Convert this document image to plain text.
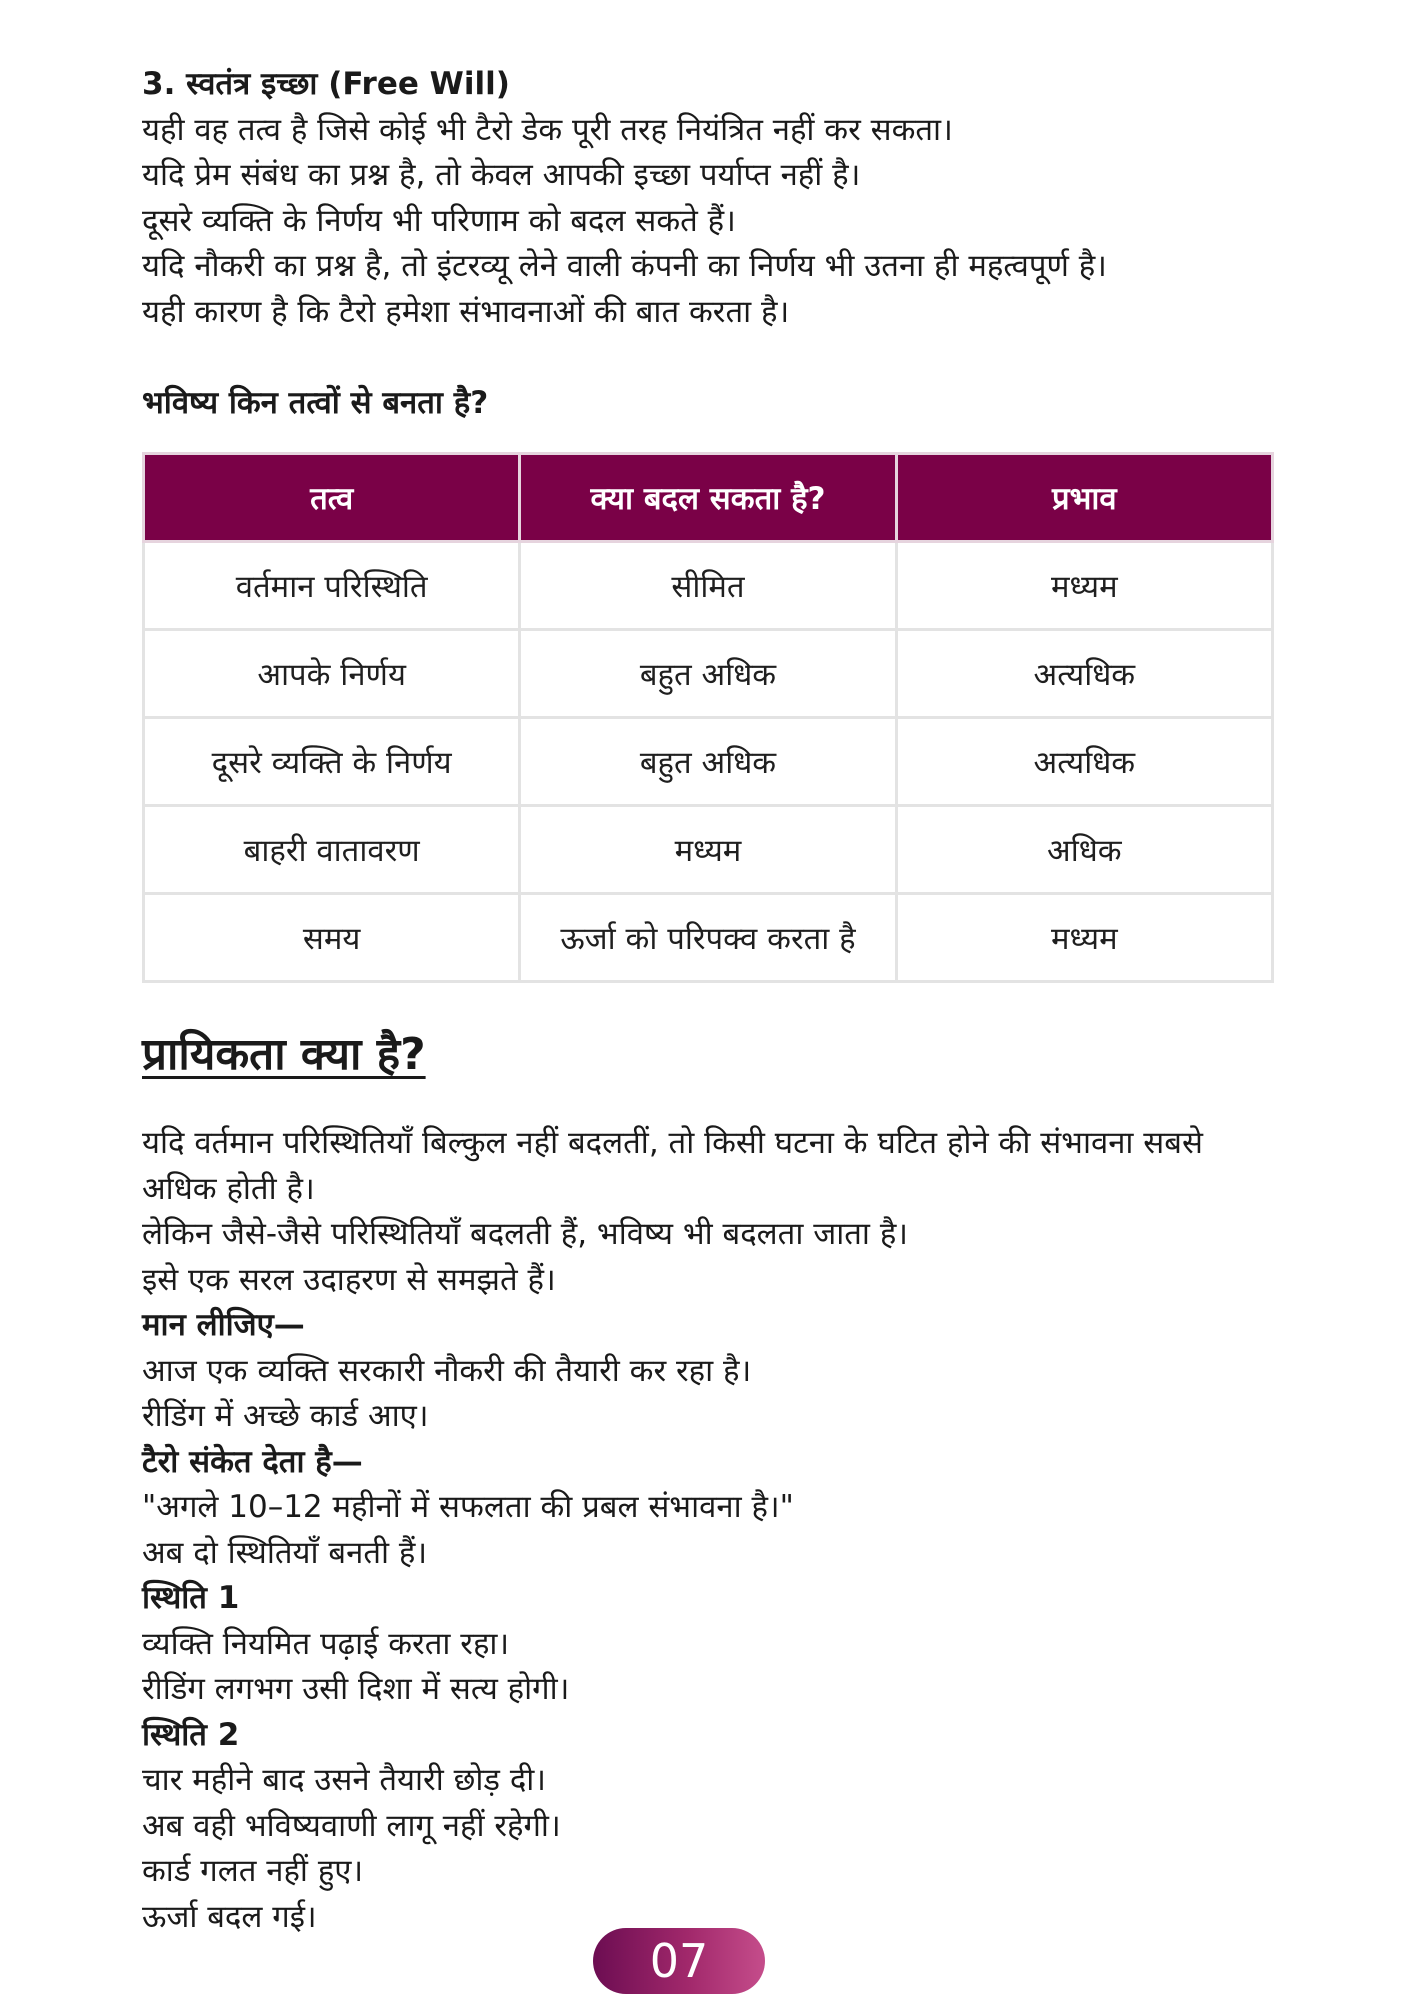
3. स्वतंत्र इच्छा (Free Will)

यही वह तत्व है जिसे कोई भी टैरो डेक पूरी तरह नियंत्रित नहीं कर सकता।

यदि प्रेम संबंध का प्रश्न है, तो केवल आपकी इच्छा पर्याप्त नहीं है।

दूसरे व्यक्ति के निर्णय भी परिणाम को बदल सकते हैं।

यदि नौकरी का प्रश्न है, तो इंटरव्यू लेने वाली कंपनी का निर्णय भी उतना ही महत्वपूर्ण है।

यही कारण है कि टैरो हमेशा संभावनाओं की बात करता है।

भविष्य किन तत्वों से बनता है?

तत्व	क्या बदल सकता है?	प्रभाव
वर्तमान परिस्थिति	सीमित	मध्यम
आपके निर्णय	बहुत अधिक	अत्यधिक
दूसरे व्यक्ति के निर्णय	बहुत अधिक	अत्यधिक
बाहरी वातावरण	मध्यम	अधिक
समय	ऊर्जा को परिपक्व करता है	मध्यम

प्रायिकता क्या है?

यदि वर्तमान परिस्थितियाँ बिल्कुल नहीं बदलतीं, तो किसी घटना के घटित होने की संभावना सबसे अधिक होती है।

लेकिन जैसे-जैसे परिस्थितियाँ बदलती हैं, भविष्य भी बदलता जाता है।

इसे एक सरल उदाहरण से समझते हैं।

मान लीजिए—

आज एक व्यक्ति सरकारी नौकरी की तैयारी कर रहा है।

रीडिंग में अच्छे कार्ड आए।

टैरो संकेत देता है—

"अगले 10–12 महीनों में सफलता की प्रबल संभावना है।"

अब दो स्थितियाँ बनती हैं।

स्थिति 1

व्यक्ति नियमित पढ़ाई करता रहा।

रीडिंग लगभग उसी दिशा में सत्य होगी।

स्थिति 2

चार महीने बाद उसने तैयारी छोड़ दी।

अब वही भविष्यवाणी लागू नहीं रहेगी।

कार्ड गलत नहीं हुए।

ऊर्जा बदल गई।

07
